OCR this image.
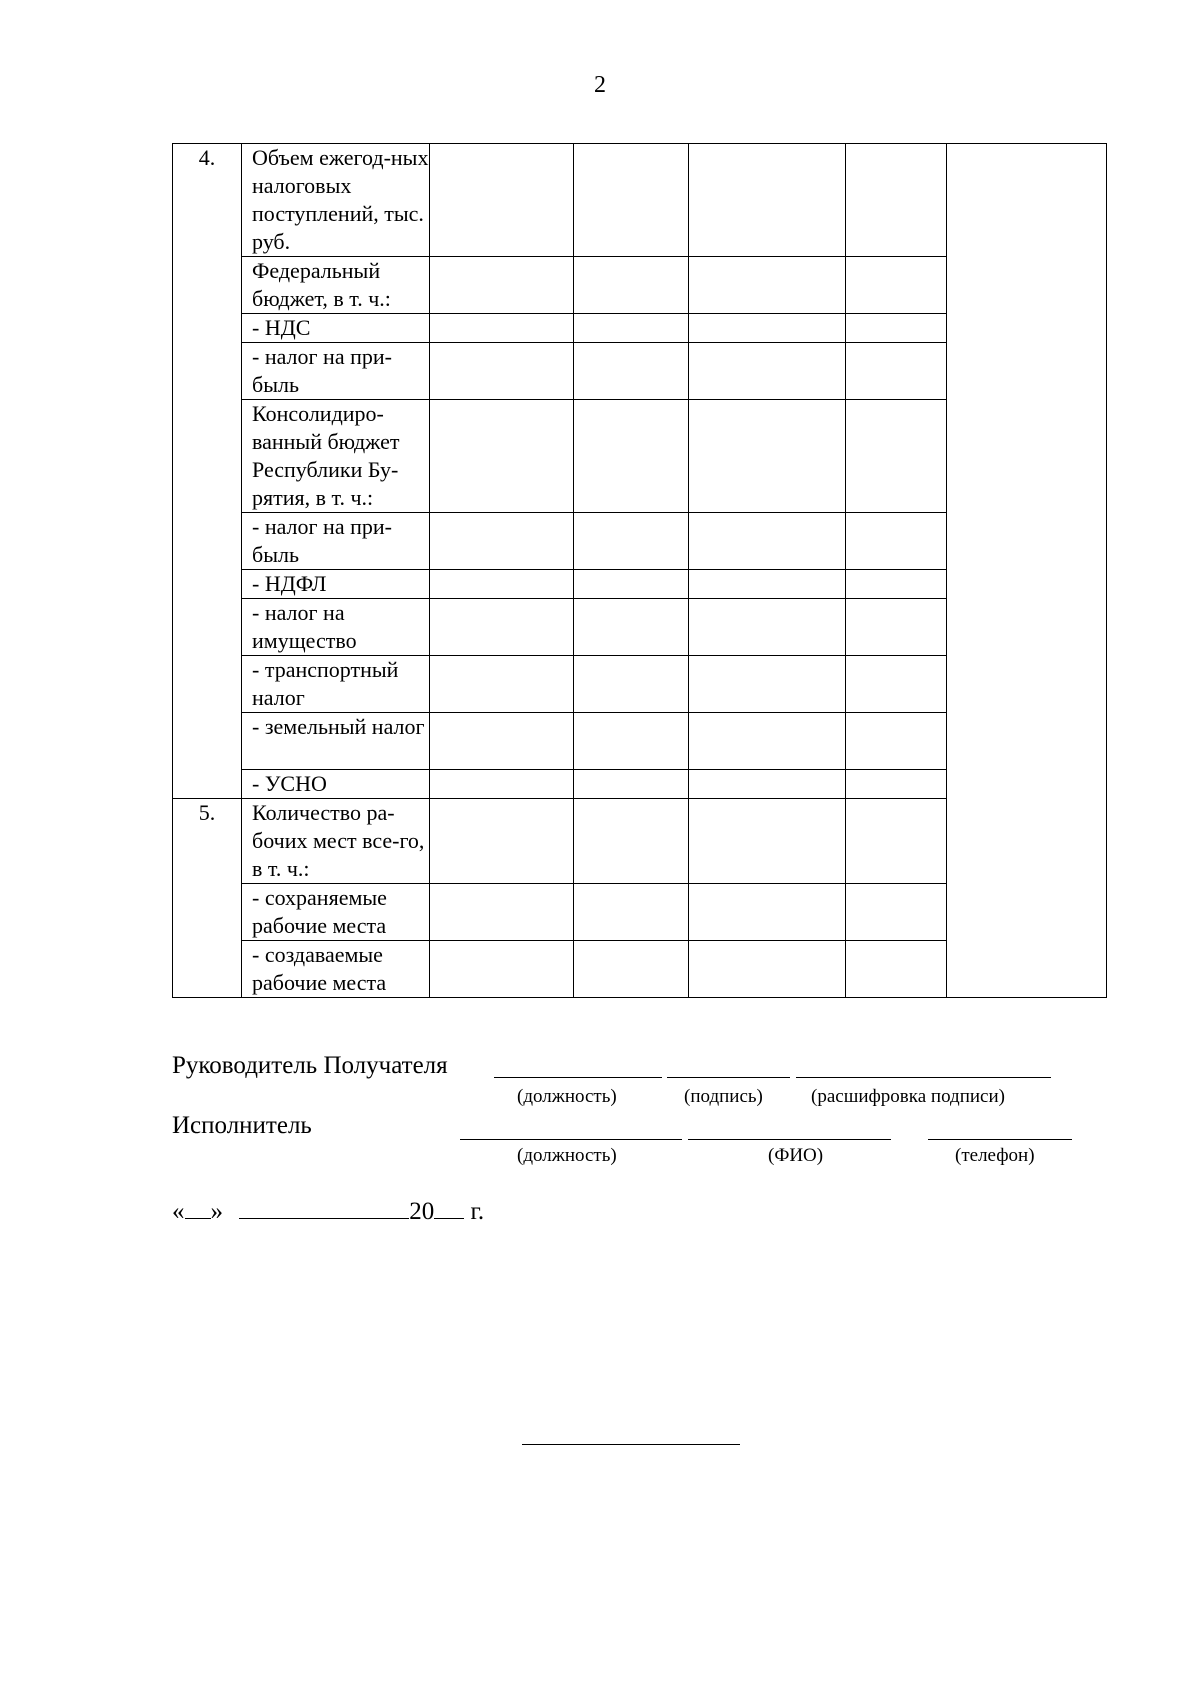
2
4.	Объем ежегод-ных налоговых поступлений, тыс. руб.					
	Федеральный бюджет, в т. ч.:					
	- НДС					
	- налог на при-быль					
	Консолидиро-ванный бюджет Республики Бу-рятия, в т. ч.:					
	- налог на при-быль					
	- НДФЛ					
	- налог на имущество					
	- транспортный налог					
	- земельный налог					
	- УСНО					
5.	Количество ра-бочих мест все-го, в т. ч.:					
	- сохраняемые рабочие места					
	- создаваемые рабочие места					
Руководитель Получателя
(должность)	(подпись)	(расшифровка подписи)
Исполнитель
(должность)	(ФИО)	(телефон)
« »	20 г.
